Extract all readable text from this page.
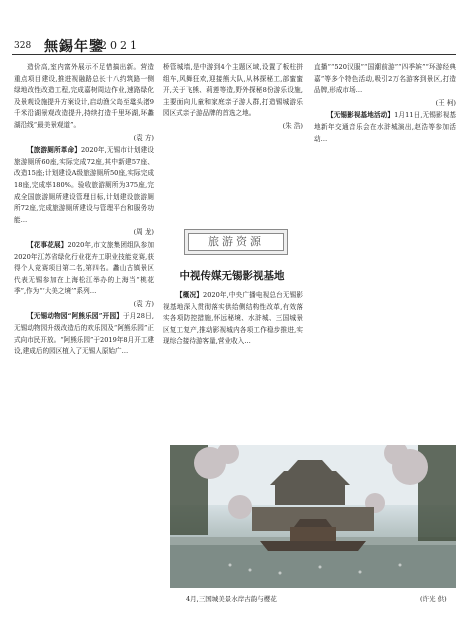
328 無錫年鑒
2021

造价高,室内富外展示不足惜搞出新。营造重点项目建设,推进视融路总长十八约筑路一侧绿地改性改造工程,完成嘉树周边作业,速路绿化及景观设施提升方案设计,启动渔父岛至鼋头渚9千米沿湖景观改造提升,持续打造千里环湖,环蠡湖沿线“最美景观道”。

(袁 方)

【旅游厕所革命】2020年,无锡市计划建设旅游厕所60座,实际完成72座,其中新建57座、改造15座;计划建设A级旅游厕所50座,实际完成18座,完成率180%。验收旅游厕所为375座,完成全国旅游厕所建设管理目标,计划建设旅游厕所72座,完成旅游厕所建设与管理平台和服务功能…

(周 龙)

【花事花展】2020年,市文旅集团组队参加2020年江苏省绿化行业花卉工职业技能竞赛,获得个人竞赛项目第二名,第四名。蠡山古镇景区代表无锡参加在上海松江举办的上海当“桃花季”,作为“‘大美之境’”系列…

(袁 方)

【无锡动物园“阿熊乐园”开园】于月28日,无锡动物园升级改造后的欢乐园及“阿熊乐园”正式向市民开放。“阿熊乐园”于2019年8月开工建设,建成后的园区植入了无锡人原始广…

桥管城墙,是中游到4个主题区域,设置了板柱拼组车,风舞狂欢,迎接熊大队,从林探秘工,部蜜蜜开,关于飞熊、莉莲等造,野外探秘8份游乐设施,主要面向儿童和家庭亲子游人群,打造锡城游乐园区式亲子游品牌的首选之地。

(朱 浩)
旅游资源
中视传媒无锡影视基地

【概况】2020年,中央广播电视总台无锡影视基地深入贯彻落实供给侧结构性改革,有效落实各项防控措施,怀远秘境、水浒城、三国城景区复工复产,推动影视城内各项工作稳步推进,实现综合接待游客量,营业收入…

直播”“520汉服”“国潮前游”“四季嫔”“环游经典嘉”等多个特色活动,吸引2万名游客到景区,打造品牌,形成市场…

(王 柯)

【无锡影视基地活动】1月11日,无锡影视基地新年交通音乐会在水浒城演出,赵浩等参加活动…

4月,三国城美景水岸古韵与樱花	(许光 供)
